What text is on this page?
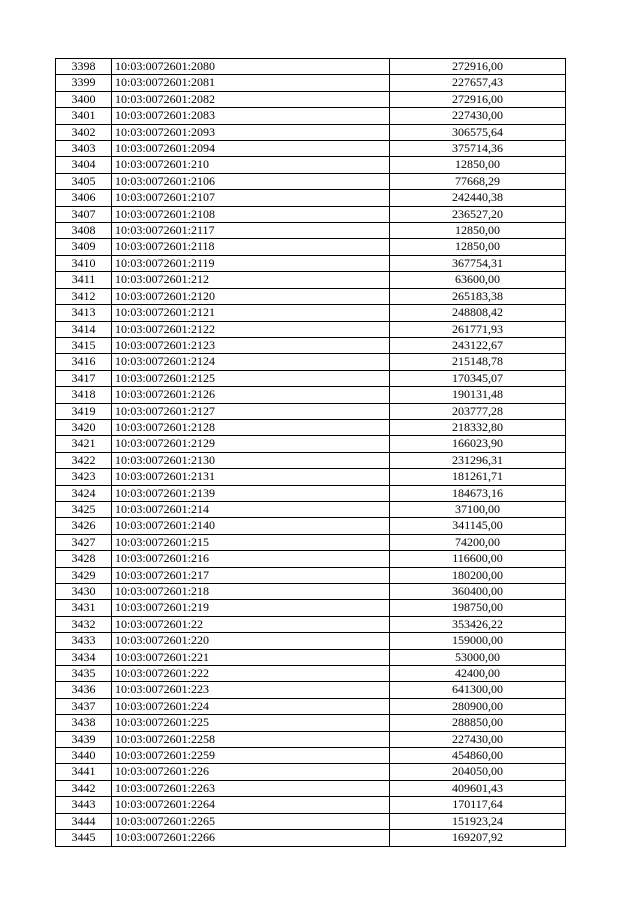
3398	10:03:0072601:2080	272916,00
3399	10:03:0072601:2081	227657,43
3400	10:03:0072601:2082	272916,00
3401	10:03:0072601:2083	227430,00
3402	10:03:0072601:2093	306575,64
3403	10:03:0072601:2094	375714,36
3404	10:03:0072601:210	12850,00
3405	10:03:0072601:2106	77668,29
3406	10:03:0072601:2107	242440,38
3407	10:03:0072601:2108	236527,20
3408	10:03:0072601:2117	12850,00
3409	10:03:0072601:2118	12850,00
3410	10:03:0072601:2119	367754,31
3411	10:03:0072601:212	63600,00
3412	10:03:0072601:2120	265183,38
3413	10:03:0072601:2121	248808,42
3414	10:03:0072601:2122	261771,93
3415	10:03:0072601:2123	243122,67
3416	10:03:0072601:2124	215148,78
3417	10:03:0072601:2125	170345,07
3418	10:03:0072601:2126	190131,48
3419	10:03:0072601:2127	203777,28
3420	10:03:0072601:2128	218332,80
3421	10:03:0072601:2129	166023,90
3422	10:03:0072601:2130	231296,31
3423	10:03:0072601:2131	181261,71
3424	10:03:0072601:2139	184673,16
3425	10:03:0072601:214	37100,00
3426	10:03:0072601:2140	341145,00
3427	10:03:0072601:215	74200,00
3428	10:03:0072601:216	116600,00
3429	10:03:0072601:217	180200,00
3430	10:03:0072601:218	360400,00
3431	10:03:0072601:219	198750,00
3432	10:03:0072601:22	353426,22
3433	10:03:0072601:220	159000,00
3434	10:03:0072601:221	53000,00
3435	10:03:0072601:222	42400,00
3436	10:03:0072601:223	641300,00
3437	10:03:0072601:224	280900,00
3438	10:03:0072601:225	288850,00
3439	10:03:0072601:2258	227430,00
3440	10:03:0072601:2259	454860,00
3441	10:03:0072601:226	204050,00
3442	10:03:0072601:2263	409601,43
3443	10:03:0072601:2264	170117,64
3444	10:03:0072601:2265	151923,24
3445	10:03:0072601:2266	169207,92
